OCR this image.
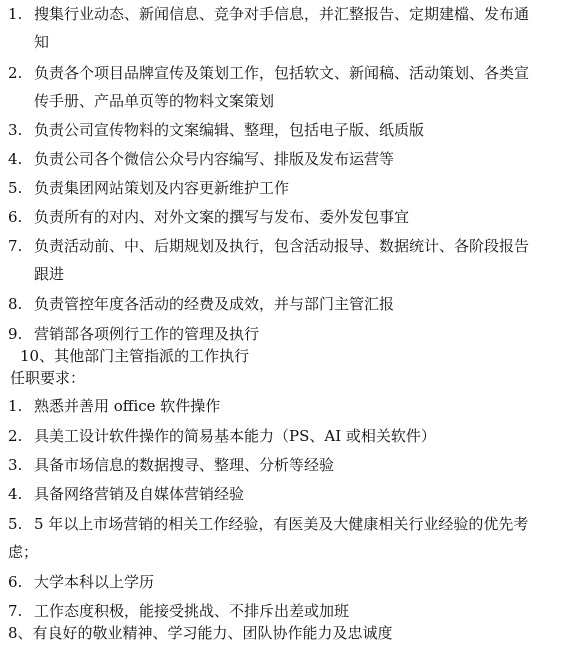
1. 搜集行业动态、新闻信息、竞争对手信息，并汇整报告、定期建檔、发布通
知
2. 负责各个项目品牌宣传及策划工作，包括软文、新闻稿、活动策划、各类宣
传手册、产品单页等的物料文案策划
3. 负责公司宣传物料的文案编辑、整理，包括电子版、纸质版
4. 负责公司各个微信公众号内容编写、排版及发布运营等
5. 负责集团网站策划及内容更新维护工作
6. 负责所有的对内、对外文案的撰写与发布、委外发包事宜
7. 负责活动前、中、后期规划及执行，包含活动报导、数据统计、各阶段报告
跟进
8. 负责管控年度各活动的经费及成效，并与部门主管汇报
9. 营销部各项例行工作的管理及执行
10、其他部门主管指派的工作执行
任职要求：
1. 熟悉并善用 office 软件操作
2. 具美工设计软件操作的简易基本能力（PS、AI 或相关软件）
3. 具备市场信息的数据搜寻、整理、分析等经验
4. 具备网络营销及自媒体营销经验
5. 5 年以上市场营销的相关工作经验，有医美及大健康相关行业经验的优先考
虑；
6. 大学本科以上学历
7. 工作态度积极，能接受挑战、不排斥出差或加班
8、有良好的敬业精神、学习能力、团队协作能力及忠诚度
